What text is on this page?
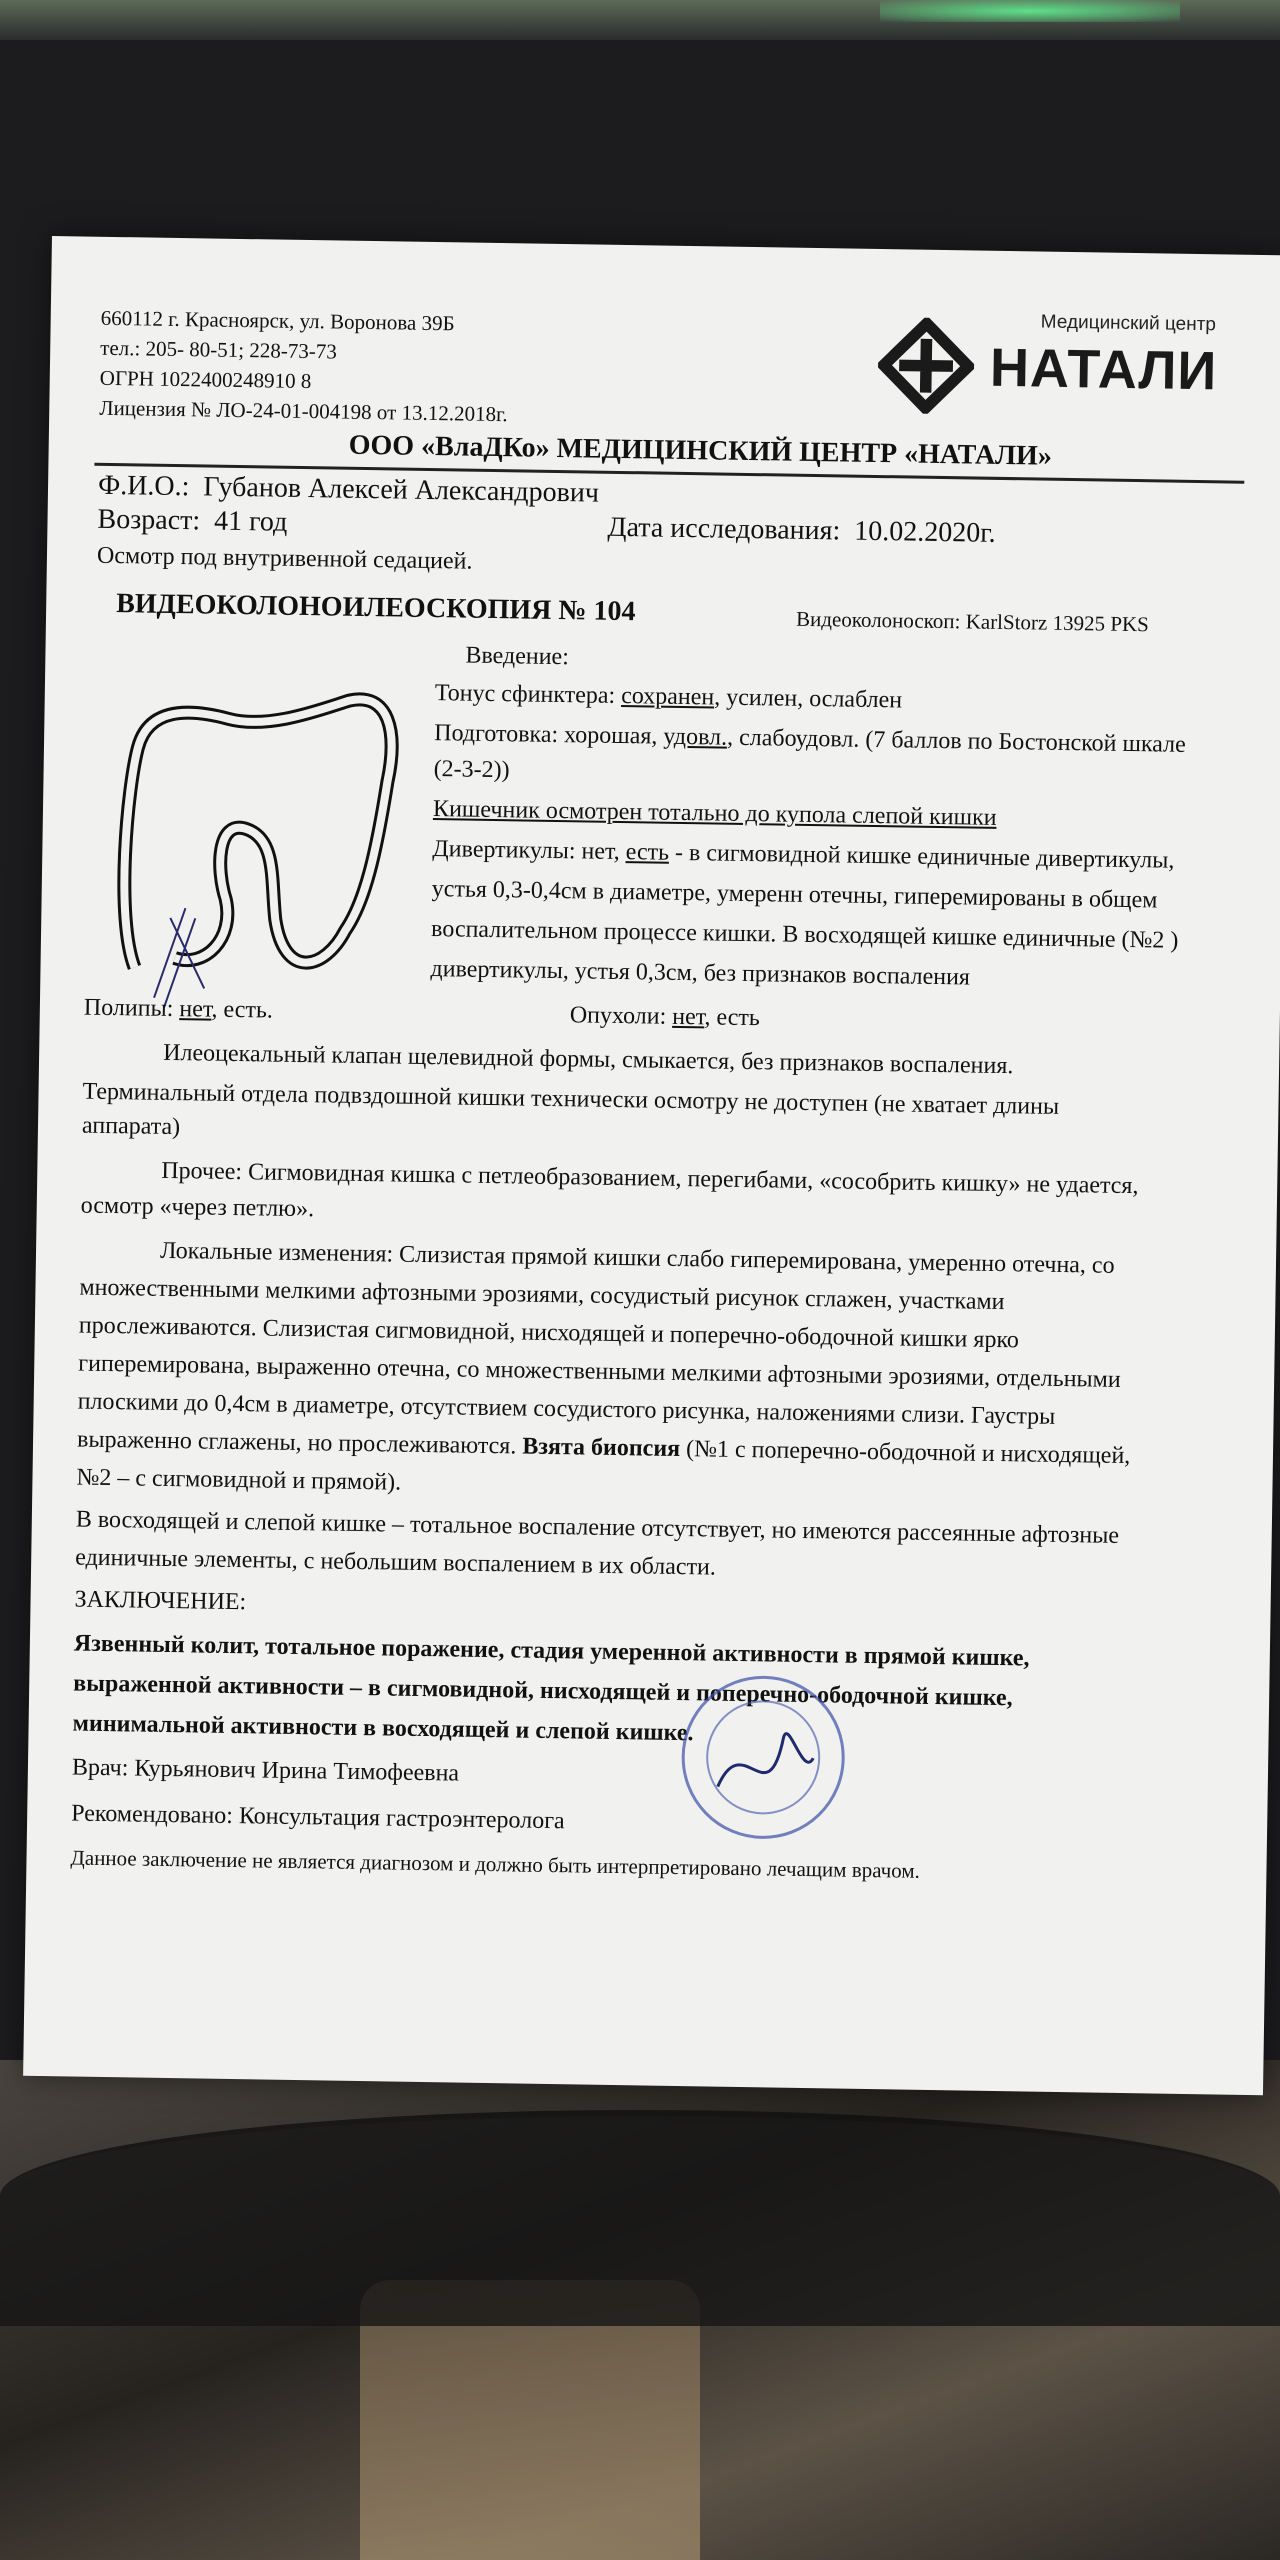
660112 г. Красноярск, ул. Воронова 39Б
тел.: 205- 80-51; 228-73-73
ОГРН 1022400248910 8
Лицензия № ЛО-24-01-004198 от 13.12.2018г.
Медицинский центр
НАТАЛИ
ООО «ВлаДКо» МЕДИЦИНСКИЙ ЦЕНТР «НАТАЛИ»
Ф.И.О.: Губанов Алексей Александрович
Возраст: 41 год	Дата исследования: 10.02.2020г.
Осмотр под внутривенной седацией.
ВИДЕОКОЛОНОИЛЕОСКОПИЯ № 104	Видеоколоноскоп: KarlStorz 13925 PKS
Введение:
Тонус сфинктера: сохранен, усилен, ослаблен
Подготовка: хорошая, удовл., слабоудовл. (7 баллов по Бостонской шкале
(2-3-2))
Кишечник осмотрен тотально до купола слепой кишки
Дивертикулы: нет, есть - в сигмовидной кишке единичные дивертикулы,
устья 0,3-0,4см в диаметре, умеренн отечны, гиперемированы в общем
воспалительном процессе кишки. В восходящей кишке единичные (№2 )
дивертикулы, устья 0,3см, без признаков воспаления
Полипы: нет, есть.	Опухоли: нет, есть
Илеоцекальный клапан щелевидной формы, смыкается, без признаков воспаления.
Терминальный отдела подвздошной кишки технически осмотру не доступен (не хватает длины
аппарата)
Прочее: Сигмовидная кишка с петлеобразованием, перегибами, «сособрить кишку» не удается,
осмотр «через петлю».
Локальные изменения: Слизистая прямой кишки слабо гиперемирована, умеренно отечна, со
множественными мелкими афтозными эрозиями, сосудистый рисунок сглажен, участками
прослеживаются. Слизистая сигмовидной, нисходящей и поперечно-ободочной кишки ярко
гиперемирована, выраженно отечна, со множественными мелкими афтозными эрозиями, отдельными
плоскими до 0,4см в диаметре, отсутствием сосудистого рисунка, наложениями слизи. Гаустры
выраженно сглажены, но прослеживаются. Взята биопсия (№1 с поперечно-ободочной и нисходящей,
№2 – с сигмовидной и прямой).
В восходящей и слепой кишке – тотальное воспаление отсутствует, но имеются рассеянные афтозные
единичные элементы, с небольшим воспалением в их области.
ЗАКЛЮЧЕНИЕ:
Язвенный колит, тотальное поражение, стадия умеренной активности в прямой кишке,
выраженной активности – в сигмовидной, нисходящей и поперечно-ободочной кишке,
минимальной активности в восходящей и слепой кишке.
Врач: Курьянович Ирина Тимофеевна
Рекомендовано: Консультация гастроэнтеролога
Данное заключение не является диагнозом и должно быть интерпретировано лечащим врачом.
